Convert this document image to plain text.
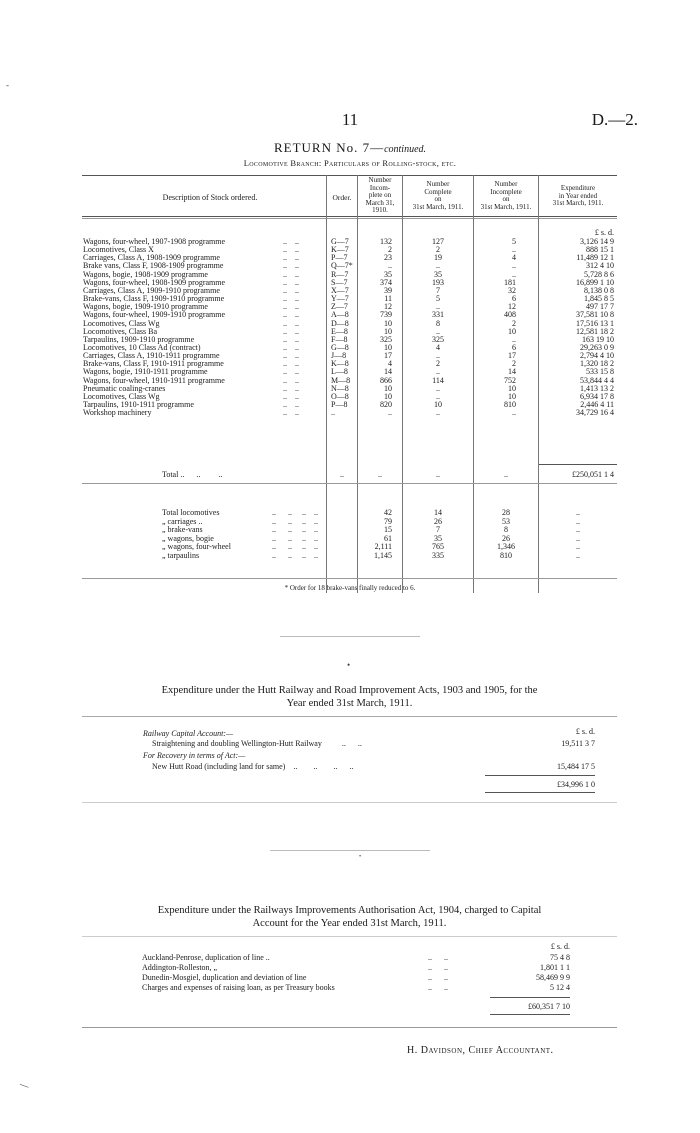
11	D.—2.
RETURN No. 7—continued.
Locomotive Branch: Particulars of Rolling-stock, etc.
Description of Stock ordered.	Order.
Number
Incom-
plete on
March 31,
1910.
Number
Complete
on
31st March, 1911.
Number
Incomplete
on
31st March, 1911.
Expenditure
in Year ended
31st March, 1911.
£ s. d.
Wagons, four-wheel, 1907-1908 programme	..    ..	G—7	132	127	5	3,126 14 9
Locomotives, Class X	..    ..	K—7	2	2	..	888 15 1
Carriages, Class A, 1908-1909 programme	..    ..	P—7	23	19	4	11,489 12 1
Brake vans, Class F, 1908-1909 programme	..    ..	Q—7*	..	..	..	312 4 10
Wagons, bogie, 1908-1909 programme	..    ..	R—7	35	35	..	5,728 8 6
Wagons, four-wheel, 1908-1909 programme	..    ..	S—7	374	193	181	16,899 1 10
Carriages, Class A, 1909-1910 programme	..    ..	X—7	39	7	32	8,138 0 8
Brake-vans, Class F, 1909-1910 programme	..    ..	Y—7	11	5	6	1,845 8 5
Wagons, bogie, 1909-1910 programme	..    ..	Z—7	12	..	12	497 17 7
Wagons, four-wheel, 1909-1910 programme	..    ..	A—8	739	331	408	37,581 10 8
Locomotives, Class Wg	..    ..	D—8	10	8	2	17,516 13 1
Locomotives, Class Ba	..    ..	E—8	10	..	10	12,581 18 2
Tarpaulins, 1909-1910 programme	..    ..	F—8	325	325	..	163 19 10
Locomotives, 10 Class Ad (contract)	..    ..	G—8	10	4	6	29,263 0 9
Carriages, Class A, 1910-1911 programme	..    ..	J—8	17	..	17	2,794 4 10
Brake-vans, Class F, 1910-1911 programme	..    ..	K—8	4	2	2	1,320 18 2
Wagons, bogie, 1910-1911 programme	..    ..	L—8	14	..	14	533 15 8
Wagons, four-wheel, 1910-1911 programme	..    ..	M—8	866	114	752	53,844 4 4
Pneumatic coaling-cranes	..    ..	N—8	10	..	10	1,413 13 2
Locomotives, Class Wg	..    ..	O—8	10	..	10	6,934 17 8
Tarpaulins, 1910-1911 programme	..    ..	P—8	820	10	810	2,446 4 11
Workshop machinery	..    ..	..	..	..	..	34,729 16 4
Total ..      ..         ..	..	..	..	..	£250,051 1 4
Total locomotives	..      ..     ..    ..	42	14	28	..
„ carriages ..	..      ..     ..    ..	79	26	53	..
„ brake-vans	..      ..     ..    ..	15	7	8	..
„ wagons, bogie	..      ..     ..    ..	61	35	26	..
„ wagons, four-wheel	..      ..     ..    ..	2,111	765	1,346	..
„ tarpaulins	..      ..     ..    ..	1,145	335	810	..
* Order for 18 brake-vans finally reduced to 6.
•
Expenditure under the Hutt Railway and Road Improvement Acts, 1903 and 1905, for the
Year ended 31st March, 1911.
£ s. d.
Railway Capital Account:—
Straightening and doubling Wellington-Hutt Railway          ..      ..	19,511 3 7
For Recovery in terms of Act:—
New Hutt Road (including land for same)    ..        ..        ..      ..	15,484 17 5
£34,996 1 0
•
Expenditure under the Railways Improvements Authorisation Act, 1904, charged to Capital
Account for the Year ended 31st March, 1911.
£ s. d.
Auckland-Penrose, duplication of line ..	..      ..	75 4 8
Addington-Rolleston, „	..      ..	1,801 1 1
Dunedin-Mosgiel, duplication and deviation of line	..      ..	58,469 9 9
Charges and expenses of raising loan, as per Treasury books	..      ..	5 12 4
£60,351 7 10
H. Davidson, Chief Accountant.
-
—
